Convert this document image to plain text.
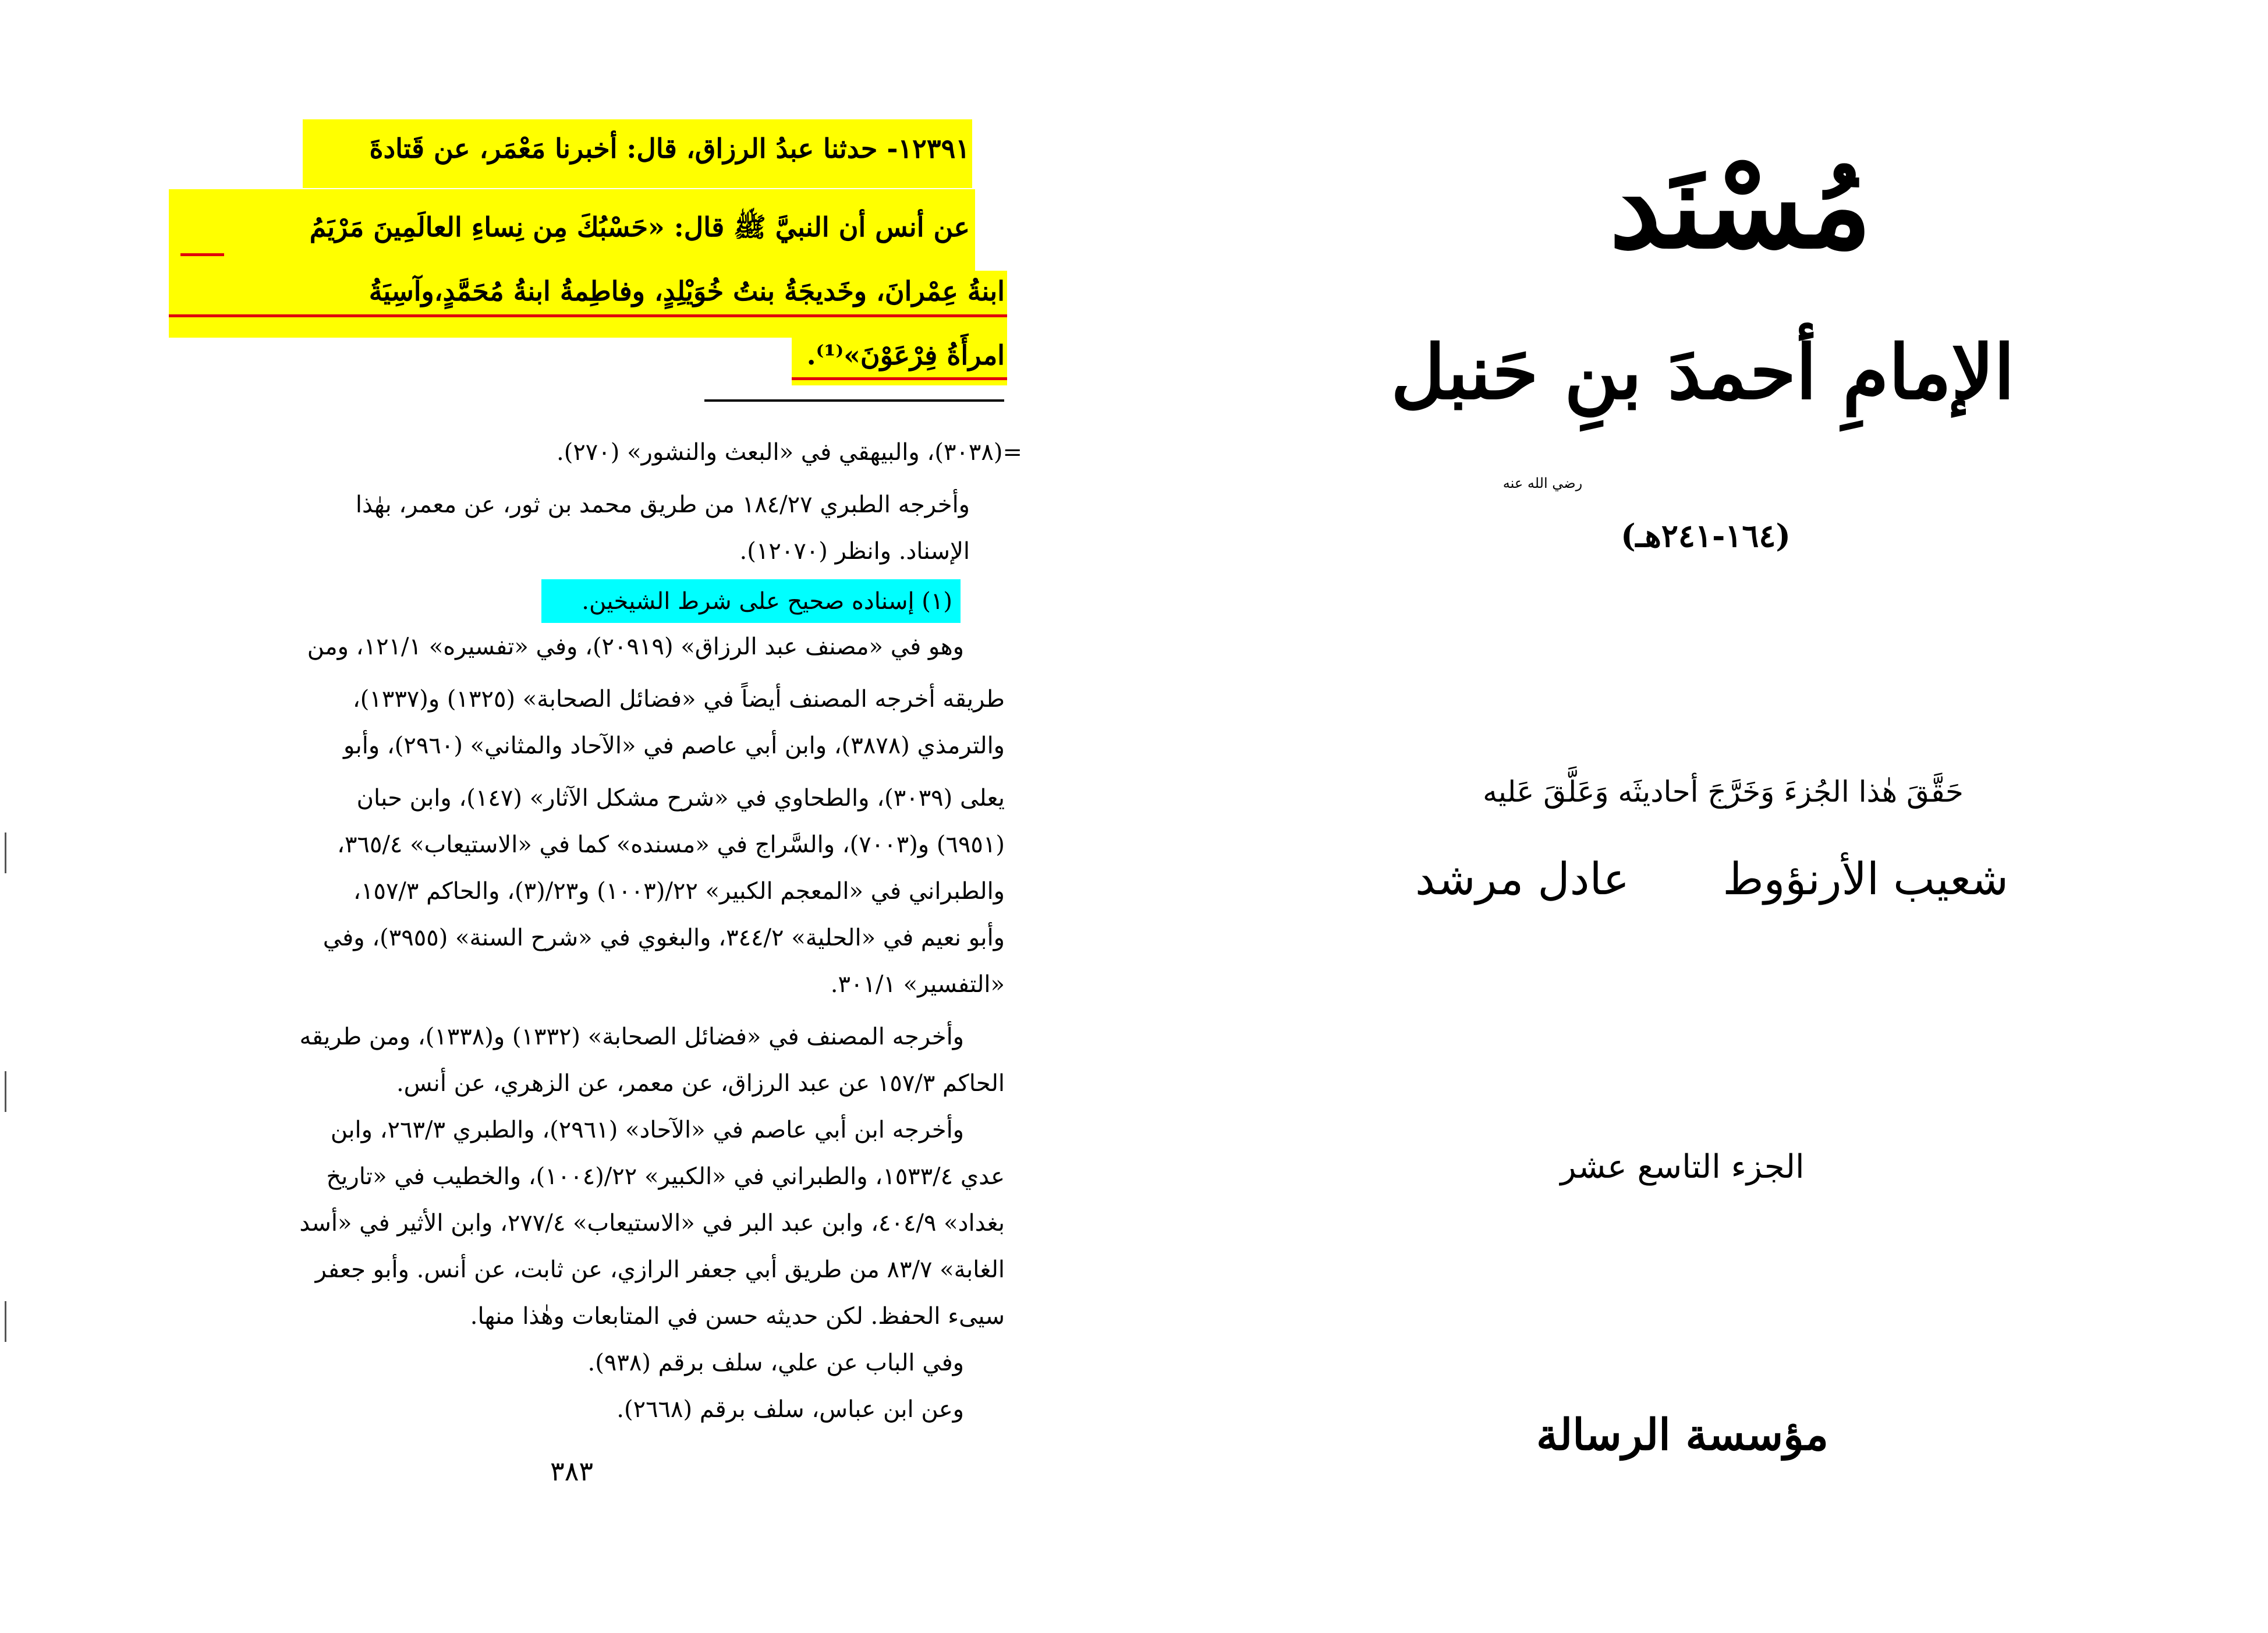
١٢٣٩١- حدثنا عبدُ الرزاق، قال: أخبرنا مَعْمَر، عن قَتادةَ
عن أنس أن النبيَّ ﷺ قال: «حَسْبُكَ مِن نِساءِ العالَمِينَ مَرْيَمُ
ابنةُ عِمْرانَ، وخَديجَةُ بنتُ خُوَيْلِدٍ، وفاطِمةُ ابنةُ مُحَمَّدٍ،وآسِيَةُ
امرأَةُ فِرْعَوْنَ»⁽¹⁾.
=(٣٠٣٨)، والبيهقي في «البعث والنشور» (٢٧٠).
وأخرجه الطبري ١٨٤/٢٧ من طريق محمد بن ثور، عن معمر، بهٰذا
الإسناد. وانظر (١٢٠٧٠).
(١) إسناده صحيح على شرط الشيخين.
وهو في «مصنف عبد الرزاق» (٢٠٩١٩)، وفي «تفسيره» ١٢١/١، ومن
طريقه أخرجه المصنف أيضاً في «فضائل الصحابة» (١٣٢٥) و(١٣٣٧)،
والترمذي (٣٨٧٨)، وابن أبي عاصم في «الآحاد والمثاني» (٢٩٦٠)، وأبو
يعلى (٣٠٣٩)، والطحاوي في «شرح مشكل الآثار» (١٤٧)، وابن حبان
(٦٩٥١) و(٧٠٠٣)، والسَّراج في «مسنده» كما في «الاستيعاب» ٣٦٥/٤،
والطبراني في «المعجم الكبير» ٢٢/(١٠٠٣) و٢٣/(٣)، والحاكم ١٥٧/٣،
وأبو نعيم في «الحلية» ٣٤٤/٢، والبغوي في «شرح السنة» (٣٩٥٥)، وفي
«التفسير» ٣٠١/١.
وأخرجه المصنف في «فضائل الصحابة» (١٣٣٢) و(١٣٣٨)، ومن طريقه
الحاكم ١٥٧/٣ عن عبد الرزاق، عن معمر، عن الزهري، عن أنس.
وأخرجه ابن أبي عاصم في «الآحاد» (٢٩٦١)، والطبري ٢٦٣/٣، وابن
عدي ١٥٣٣/٤، والطبراني في «الكبير» ٢٢/(١٠٠٤)، والخطيب في «تاريخ
بغداد» ٤٠٤/٩، وابن عبد البر في «الاستيعاب» ٢٧٧/٤، وابن الأثير في «أسد
الغابة» ٨٣/٧ من طريق أبي جعفر الرازي، عن ثابت، عن أنس. وأبو جعفر
سيىء الحفظ. لكن حديثه حسن في المتابعات وهٰذا منها.
وفي الباب عن علي، سلف برقم (٩٣٨).
وعن ابن عباس، سلف برقم (٢٦٦٨).
٣٨٣
مُسْنَد
الإمامِ أحمدَ بنِ حَنبل
رضي الله عنه
(١٦٤-٢٤١هـ)
حَقَّقَ هٰذا الجُزءَ وَخَرَّجَ أحاديثَه وَعَلَّقَ عَليه
شعيب الأرنؤوط
عادل مرشد
الجزء التاسع عشر
مؤسسة الرسالة
